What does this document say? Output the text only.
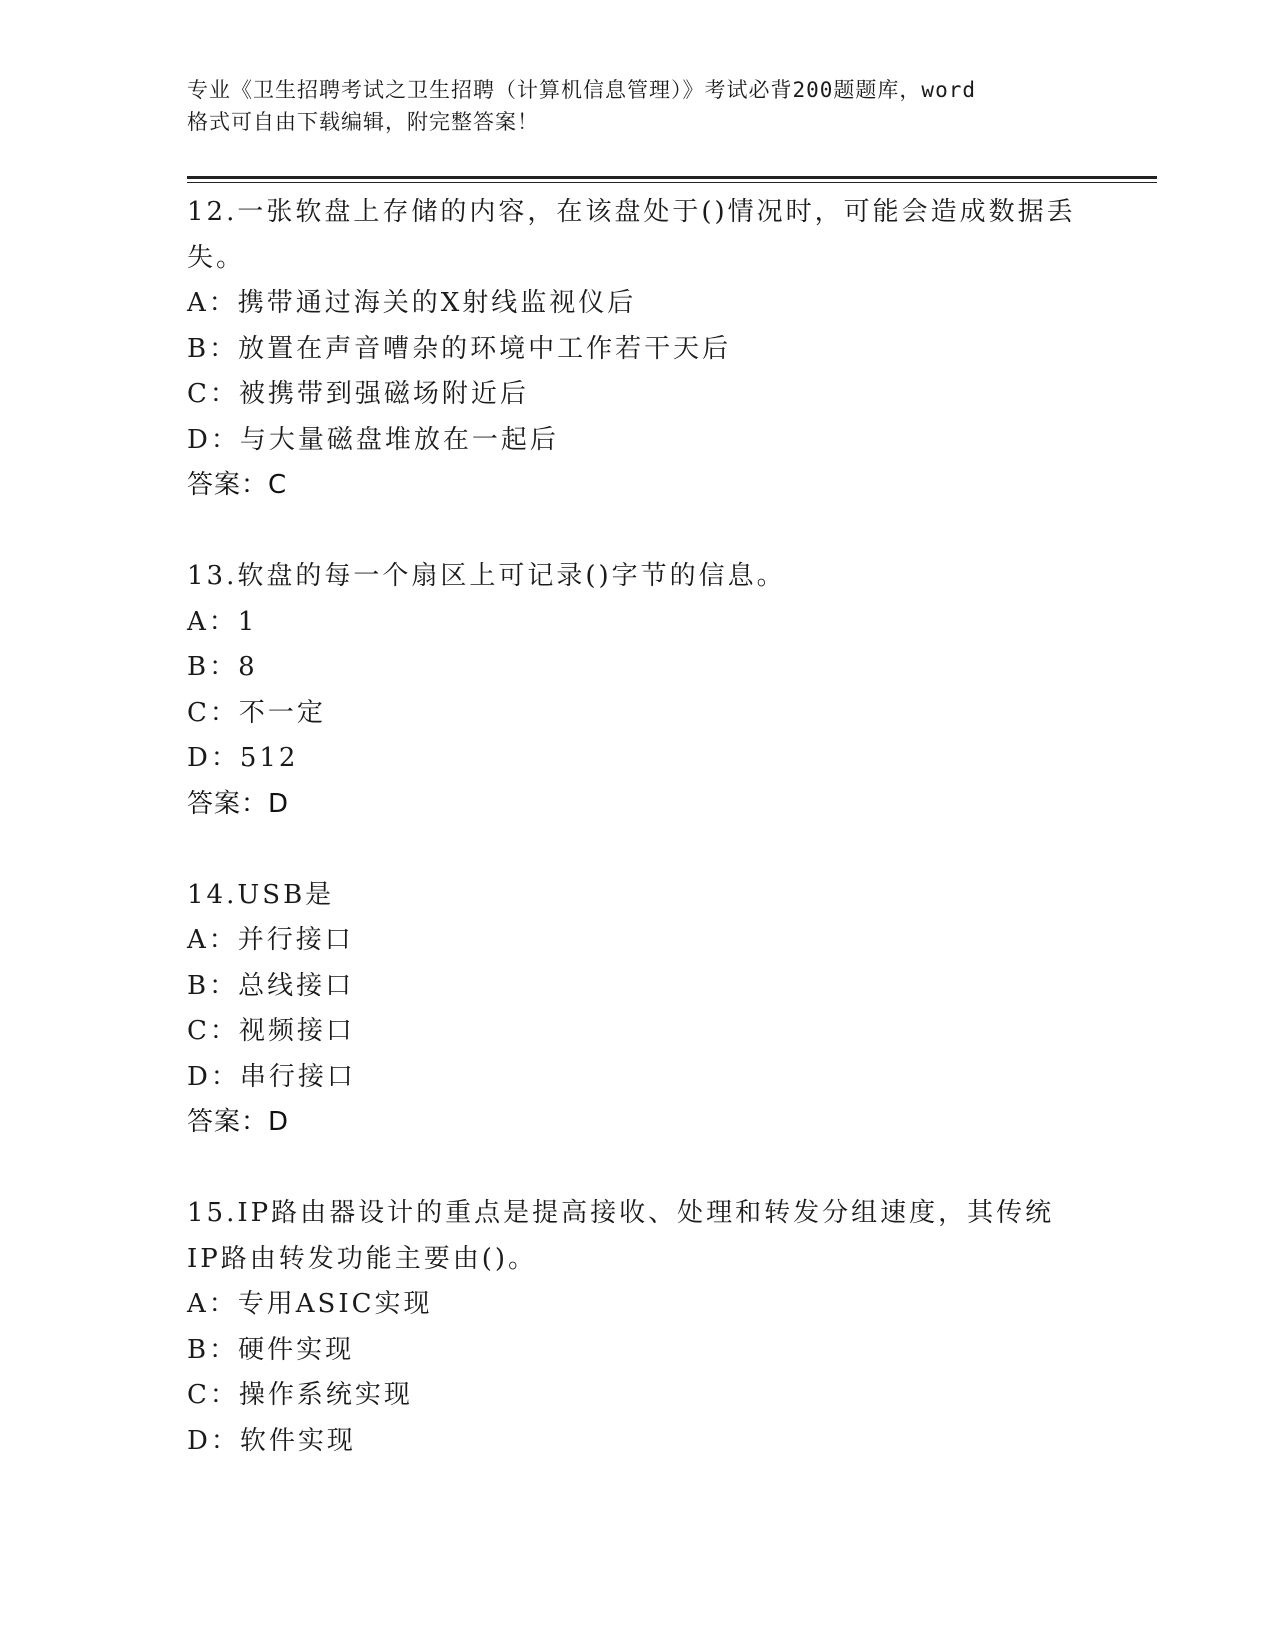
专业《卫生招聘考试之卫生招聘（计算机信息管理）》考试必背200题题库，word
格式可自由下载编辑，附完整答案！
12.一张软盘上存储的内容，在该盘处于()情况时，可能会造成数据丢
失。
A：携带通过海关的X射线监视仪后
B：放置在声音嘈杂的环境中工作若干天后
C：被携带到强磁场附近后
D：与大量磁盘堆放在一起后
答案：C
13.软盘的每一个扇区上可记录()字节的信息。
A：1
B：8
C：不一定
D：512
答案：D
14.USB是
A：并行接口
B：总线接口
C：视频接口
D：串行接口
答案：D
15.IP路由器设计的重点是提高接收、处理和转发分组速度，其传统
IP路由转发功能主要由()。
A：专用ASIC实现
B：硬件实现
C：操作系统实现
D：软件实现
